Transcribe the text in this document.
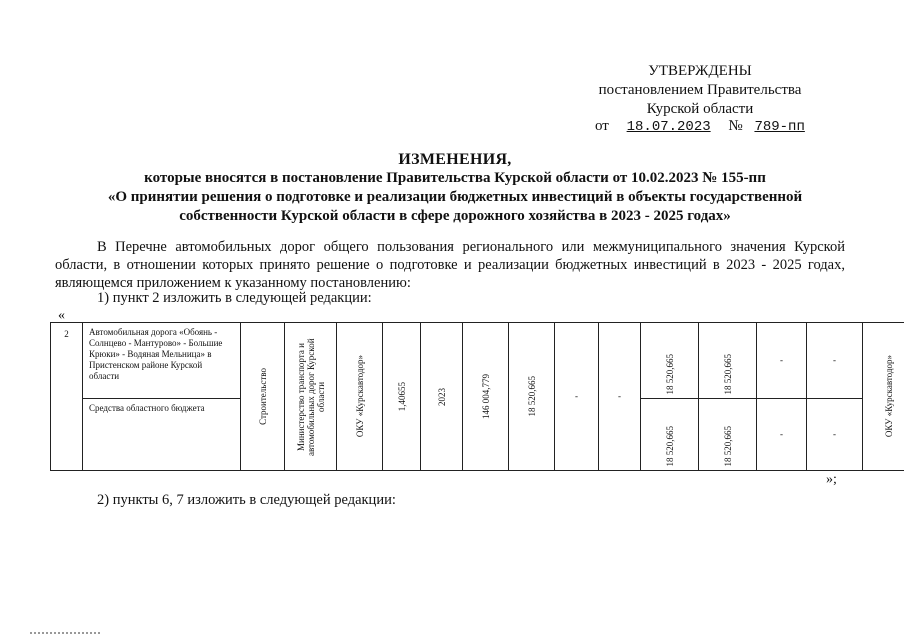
УТВЕРЖДЕНЫ
постановлением Правительства
Курской области
от 18.07.2023 № 789-пп
ИЗМЕНЕНИЯ,
которые вносятся в постановление Правительства Курской области от 10.02.2023 № 155-пп
«О принятии решения о подготовке и реализации бюджетных инвестиций в объекты государственной
собственности Курской области в сфере дорожного хозяйства в 2023 - 2025 годах»
В Перечне автомобильных дорог общего пользования регионального или межмуниципального значения Курской области, в отношении которых принято решение о подготовке и реализации бюджетных инвестиций в 2023 - 2025 годах, являющемся приложением к указанному постановлению:
1) пункт 2 изложить в следующей редакции:
«
2	Автомобильная дорога «Обоянь - Солнцево - Мантурово» - Большие Крюки» - Водяная Мельница» в Пристенском районе Курской области	Строительство	Министерство транспорта и автомобильных дорог Курской области	ОКУ «Курскавтодор»	1,40655	2023	146 004,779	18 520,665	-	-	18 520,665	18 520,665	-	-	ОКУ «Курскавтодор»

	Средства областного бюджета										18 520,665	18 520,665	-	-	
»;
2) пункты 6, 7 изложить в следующей редакции:
